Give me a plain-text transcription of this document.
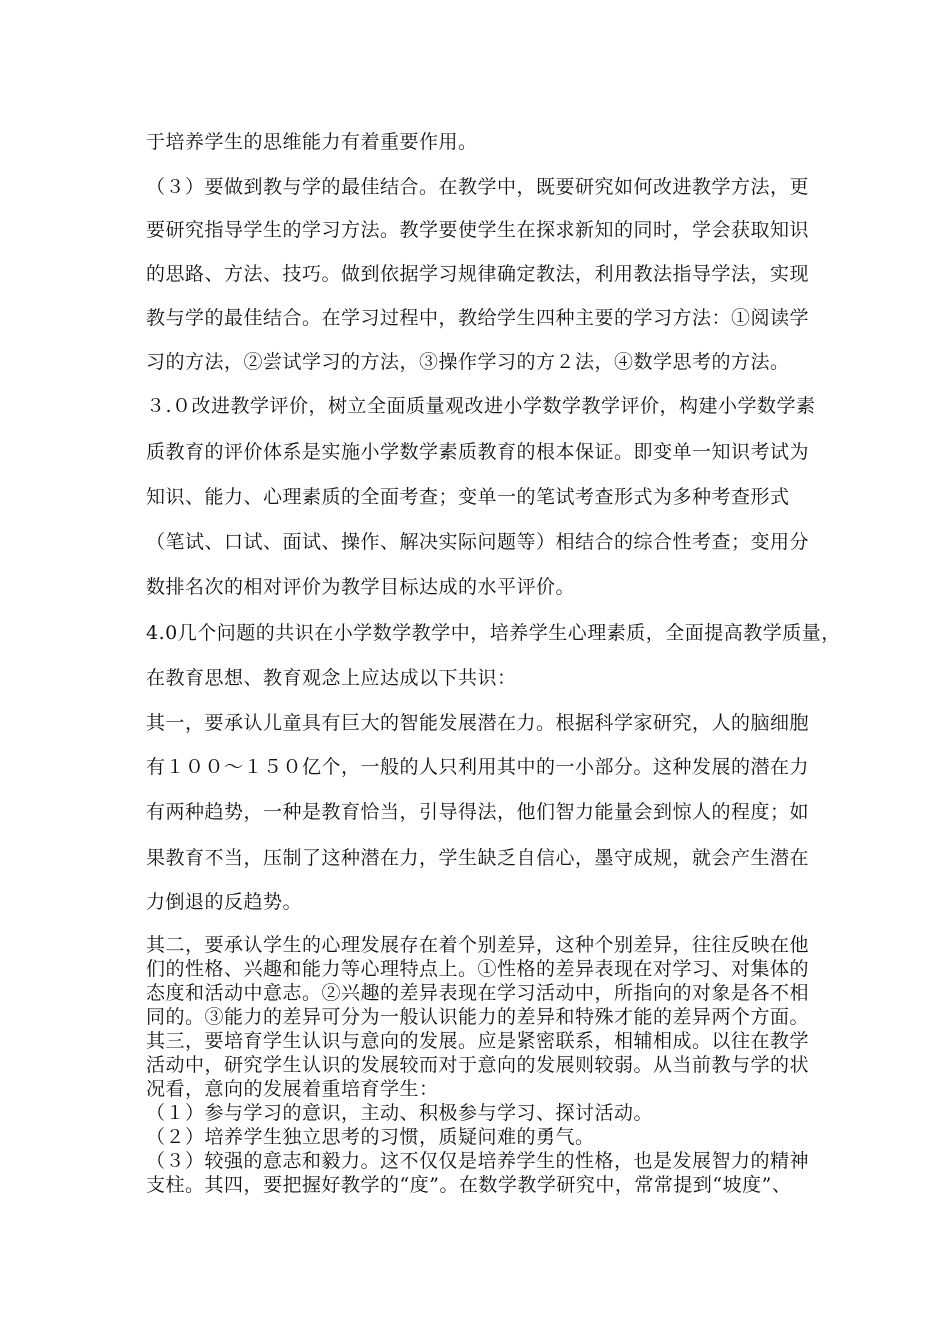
于培养学生的思维能力有着重要作用。
（３）要做到教与学的最佳结合。在教学中，既要研究如何改进教学方法，更
要研究指导学生的学习方法。教学要使学生在探求新知的同时，学会获取知识
的思路、方法、技巧。做到依据学习规律确定教法，利用教法指导学法，实现
教与学的最佳结合。在学习过程中，教给学生四种主要的学习方法：①阅读学
习的方法，②尝试学习的方法，③操作学习的方２法，④数学思考的方法。
３.０改进教学评价，树立全面质量观改进小学数学教学评价，构建小学数学素
质教育的评价体系是实施小学数学素质教育的根本保证。即变单一知识考试为
知识、能力、心理素质的全面考查；变单一的笔试考查形式为多种考查形式
（笔试、口试、面试、操作、解决实际问题等）相结合的综合性考查；变用分
数排名次的相对评价为教学目标达成的水平评价。
4.0几个问题的共识在小学数学教学中，培养学生心理素质，全面提高教学质量，
在教育思想、教育观念上应达成以下共识：
其一，要承认儿童具有巨大的智能发展潜在力。根据科学家研究，人的脑细胞
有１００～１５０亿个，一般的人只利用其中的一小部分。这种发展的潜在力
有两种趋势，一种是教育恰当，引导得法，他们智力能量会到惊人的程度；如
果教育不当，压制了这种潜在力，学生缺乏自信心，墨守成规，就会产生潜在
力倒退的反趋势。
其二，要承认学生的心理发展存在着个别差异，这种个别差异，往往反映在他
们的性格、兴趣和能力等心理特点上。①性格的差异表现在对学习、对集体的
态度和活动中意志。②兴趣的差异表现在学习活动中，所指向的对象是各不相
同的。③能力的差异可分为一般认识能力的差异和特殊才能的差异两个方面。
其三，要培育学生认识与意向的发展。应是紧密联系，相辅相成。以往在教学
活动中，研究学生认识的发展较而对于意向的发展则较弱。从当前教与学的状
况看，意向的发展着重培育学生：
（１）参与学习的意识，主动、积极参与学习、探讨活动。
（２）培养学生独立思考的习惯，质疑问难的勇气。
（３）较强的意志和毅力。这不仅仅是培养学生的性格，也是发展智力的精神
支柱。其四，要把握好教学的“度”。在数学教学研究中，常常提到“坡度”、
